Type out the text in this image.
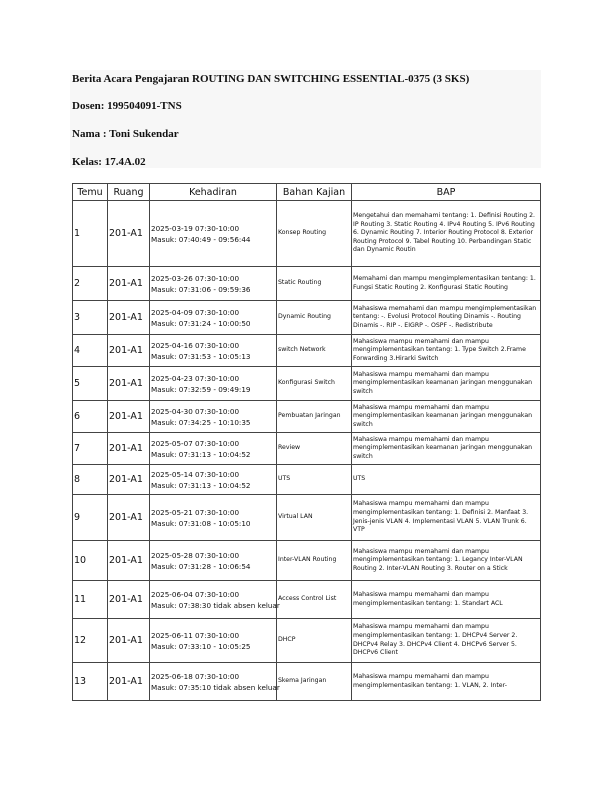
Berita Acara Pengajaran ROUTING DAN SWITCHING ESSENTIAL-0375 (3 SKS)
Dosen: 199504091-TNS
Nama : Toni Sukendar
Kelas: 17.4A.02
Temu	Ruang	Kehadiran	Bahan Kajian	BAP
1	201-A1	2025-03-19 07:30-10:00
Masuk: 07:40:49 - 09:56:44	Konsep Routing	Mengetahui dan memahami tentang: 1. Definisi Routing 2. IP Routing 3. Static Routing 4. IPv4 Routing 5. IPv6 Routing 6. Dynamic Routing 7. Interior Routing Protocol 8. Exterior Routing Protocol 9. Tabel Routing 10. Perbandingan Static dan Dynamic Routin
2	201-A1	2025-03-26 07:30-10:00
Masuk: 07:31:06 - 09:59:36	Static Routing	Memahami dan mampu mengimplementasikan tentang: 1. Fungsi Static Routing 2. Konfigurasi Static Routing
3	201-A1	2025-04-09 07:30-10:00
Masuk: 07:31:24 - 10:00:50	Dynamic Routing	Mahasiswa memahami dan mampu mengimplementasikan tentang: -. Evolusi Protocol Routing Dinamis -. Routing Dinamis -. RIP -. EIGRP -. OSPF -. Redistribute
4	201-A1	2025-04-16 07:30-10:00
Masuk: 07:31:53 - 10:05:13	switch Network	Mahasiswa mampu memahami dan mampu mengimplementasikan tentang: 1. Type Switch 2.Frame Forwarding 3.Hirarki Switch
5	201-A1	2025-04-23 07:30-10:00
Masuk: 07:32:59 - 09:49:19	Konfigurasi Switch	Mahasiswa mampu memahami dan mampu mengimplementasikan keamanan jaringan menggunakan switch
6	201-A1	2025-04-30 07:30-10:00
Masuk: 07:34:25 - 10:10:35	Pembuatan Jaringan	Mahasiswa mampu memahami dan mampu mengimplementasikan keamanan jaringan menggunakan switch
7	201-A1	2025-05-07 07:30-10:00
Masuk: 07:31:13 - 10:04:52	Review	Mahasiswa mampu memahami dan mampu mengimplementasikan keamanan jaringan menggunakan switch
8	201-A1	2025-05-14 07:30-10:00
Masuk: 07:31:13 - 10:04:52	UTS	UTS
9	201-A1	2025-05-21 07:30-10:00
Masuk: 07:31:08 - 10:05:10	Virtual LAN	Mahasiswa mampu memahami dan mampu mengimplementasikan tentang: 1. Definisi 2. Manfaat 3. Jenis-jenis VLAN 4. Implementasi VLAN 5. VLAN Trunk 6. VTP
10	201-A1	2025-05-28 07:30-10:00
Masuk: 07:31:28 - 10:06:54	Inter-VLAN Routing	Mahasiswa mampu memahami dan mampu mengimplementasikan tentang: 1. Legancy Inter-VLAN Routing 2. Inter-VLAN Routing 3. Router on a Stick
11	201-A1	2025-06-04 07:30-10:00
Masuk: 07:38:30 tidak absen keluar	Access Control List	Mahasiswa mampu memahami dan mampu mengimplementasikan tentang: 1. Standart ACL
12	201-A1	2025-06-11 07:30-10:00
Masuk: 07:33:10 - 10:05:25	DHCP	Mahasiswa mampu memahami dan mampu mengimplementasikan tentang: 1. DHCPv4 Server 2. DHCPv4 Relay 3. DHCPv4 Client 4. DHCPv6 Server 5. DHCPv6 Client
13	201-A1	2025-06-18 07:30-10:00
Masuk: 07:35:10 tidak absen keluar	Skema Jaringan	Mahasiswa mampu memahami dan mampu mengimplementasikan tentang: 1. VLAN, 2. Inter-
